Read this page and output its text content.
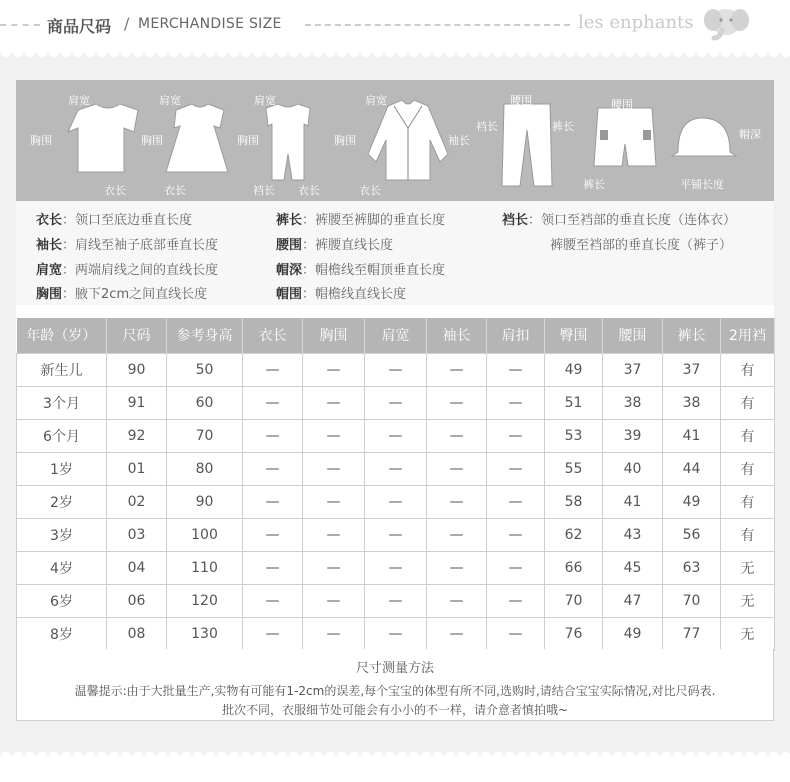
商品尺码 / MERCHANDISE SIZE	les enphants
肩宽
胸围
衣长
肩宽
胸围
衣长
肩宽
胸围
裆长 衣长
肩宽
胸围	袖长
衣长
腰围
裆长	裤长
腰围
裤长
帽深
平铺长度
衣长：领口至底边垂直长度
袖长：肩线至袖子底部垂直长度
肩宽：两端肩线之间的直线长度
胸围：腋下2cm之间直线长度
裤长：裤腰至裤脚的垂直长度
腰围：裤腰直线长度
帽深：帽檐线至帽顶垂直长度
帽围：帽檐线直线长度
裆长：领口至裆部的垂直长度（连体衣）
裤腰至裆部的垂直长度（裤子）
年龄（岁）	尺码	参考身高	衣长	胸围	肩宽	袖长	肩扣	臀围	腰围	裤长	2用裆
新生儿	90	50	—	—	—	—	—	49	37	37	有
3个月	91	60	—	—	—	—	—	51	38	38	有
6个月	92	70	—	—	—	—	—	53	39	41	有
1岁	01	80	—	—	—	—	—	55	40	44	有
2岁	02	90	—	—	—	—	—	58	41	49	有
3岁	03	100	—	—	—	—	—	62	43	56	有
4岁	04	110	—	—	—	—	—	66	45	63	无
6岁	06	120	—	—	—	—	—	70	47	70	无
8岁	08	130	—	—	—	—	—	76	49	77	无
尺寸测量方法
温馨提示:由于大批量生产,实物有可能有1-2cm的误差,每个宝宝的体型有所不同,选购时,请结合宝宝实际情况,对比尺码表.
批次不同，衣服细节处可能会有小小的不一样，请介意者慎拍哦~
